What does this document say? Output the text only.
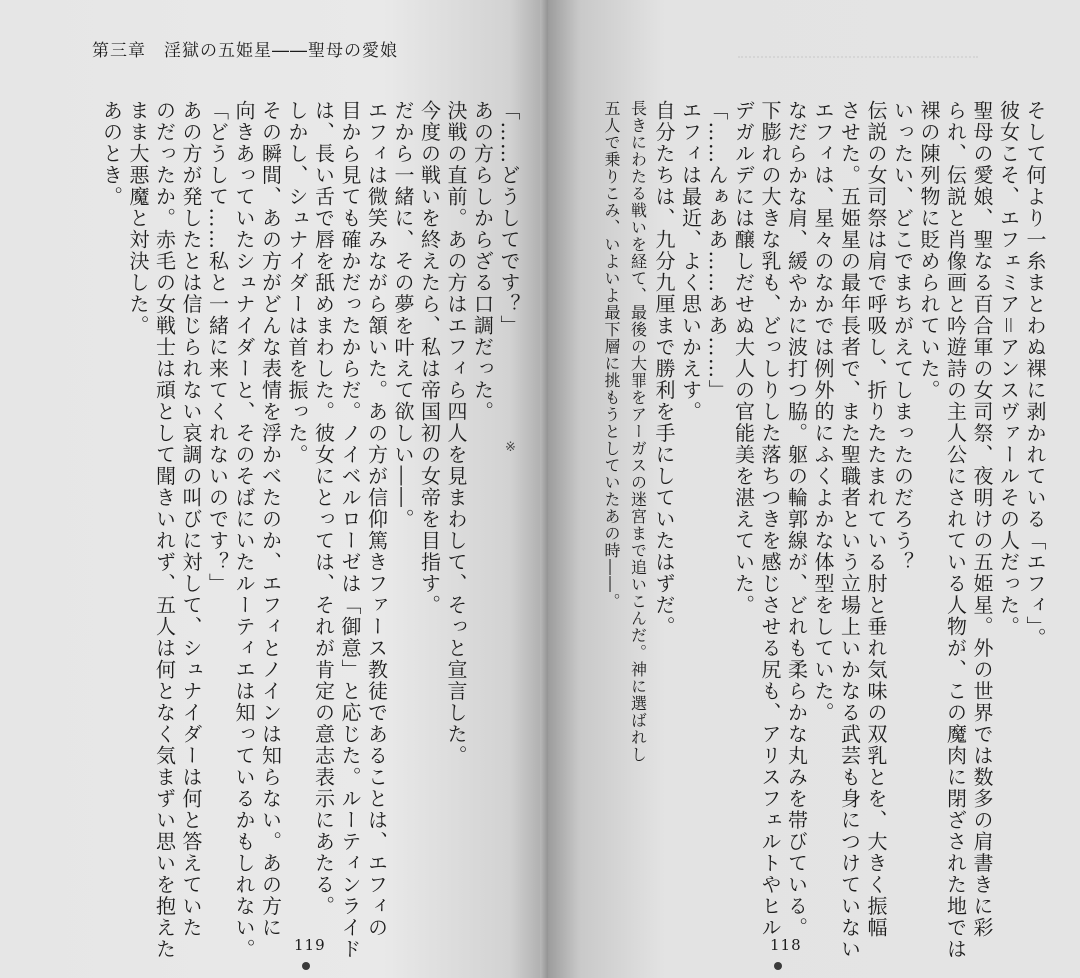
第三章　淫獄の五姫星――聖母の愛娘
「……どうしてです？」
あの方らしからざる口調だった。
決戦の直前。あの方はエフィら四人を見まわして、そっと宣言した。
今度の戦いを終えたら、私は帝国初の女帝を目指す。
だから一緒に、その夢を叶えて欲しい――。
エフィは微笑みながら頷いた。あの方が信仰篤きファース教徒であることは、エフィの
目から見ても確かだったからだ。ノイベルローゼは「御意」と応じた。ルーティンライド
は、長い舌で唇を舐めまわした。彼女にとっては、それが肯定の意志表示にあたる。
しかし、シュナイダーは首を振った。
その瞬間、あの方がどんな表情を浮かべたのか、エフィとノインは知らない。あの方に
向きあっていたシュナイダーと、そのそばにいたルーティエは知っているかもしれない。
「どうして……私と一緒に来てくれないのです？」
あの方が発したとは信じられない哀調の叫びに対して、シュナイダーは何と答えていた
のだったか。赤毛の女戦士は頑として聞きいれず、五人は何となく気まずい思いを抱えた
まま大悪魔と対決した。
あのとき。
※
119
そして何より一糸まとわぬ裸に剥かれている「エフィ」。
彼女こそ、エフェミア＝アンスヴァールその人だった。
聖母の愛娘、聖なる百合軍の女司祭、夜明けの五姫星。外の世界では数多の肩書きに彩
られ、伝説と肖像画と吟遊詩の主人公にされている人物が、この魔肉に閉ざされた地では
裸の陳列物に貶められていた。
いったい、どこでまちがえてしまったのだろう？
伝説の女司祭は肩で呼吸し、折りたたまれている肘と垂れ気味の双乳とを、大きく振幅
させた。五姫星の最年長者で、また聖職者という立場上いかなる武芸も身につけていない
エフィは、星々のなかでは例外的にふくよかな体型をしていた。
なだらかな肩、緩やかに波打つ脇。躯の輪郭線が、どれも柔らかな丸みを帯びている。
下膨れの大きな乳も、どっしりした落ちつきを感じさせる尻も、アリスフェルトやヒル
デガルデには醸しだせぬ大人の官能美を湛えていた。
「……んぁああ……ああ……」
エフィは最近、よく思いかえす。
自分たちは、九分九厘まで勝利を手にしていたはずだ。
長きにわたる戦いを経て、最後の大罪をアーガスの迷宮まで追いこんだ。神に選ばれし
五人で乗りこみ、いよいよ最下層に挑もうとしていたあの時――。
118
